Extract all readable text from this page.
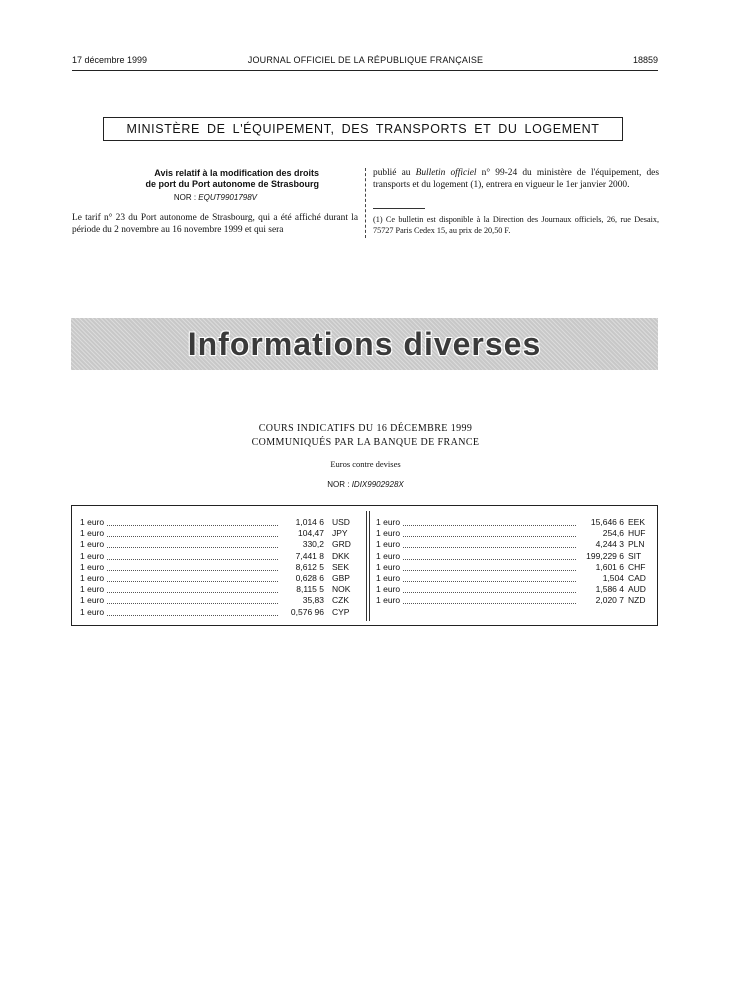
17 décembre 1999	JOURNAL OFFICIEL DE LA RÉPUBLIQUE FRANÇAISE	18859
MINISTÈRE DE L'ÉQUIPEMENT, DES TRANSPORTS ET DU LOGEMENT
Avis relatif à la modification des droits
de port du Port autonome de Strasbourg
NOR : EQUT9901798V
Le tarif n° 23 du Port autonome de Strasbourg, qui a été affiché durant la période du 2 novembre au 16 novembre 1999 et qui sera
publié au Bulletin officiel n° 99-24 du ministère de l'équipement, des transports et du logement (1), entrera en vigueur le 1er janvier 2000.
(1) Ce bulletin est disponible à la Direction des Journaux officiels, 26, rue Desaix, 75727 Paris Cedex 15, au prix de 20,50 F.
Informations diverses
COURS INDICATIFS DU 16 DÉCEMBRE 1999
COMMUNIQUÉS PAR LA BANQUE DE FRANCE
Euros contre devises
NOR : IDIX9902928X
1 euro	1,014 6 USD
1 euro	104,47 JPY
1 euro	330,2 GRD
1 euro	7,441 8 DKK
1 euro	8,612 5 SEK
1 euro	0,628 6 GBP
1 euro	8,115 5 NOK
1 euro	35,83 CZK
1 euro	0,576 96 CYP
1 euro	15,646 6 EEK
1 euro	254,6 HUF
1 euro	4,244 3 PLN
1 euro	199,229 6 SIT
1 euro	1,601 6 CHF
1 euro	1,504 CAD
1 euro	1,586 4 AUD
1 euro	2,020 7 NZD
